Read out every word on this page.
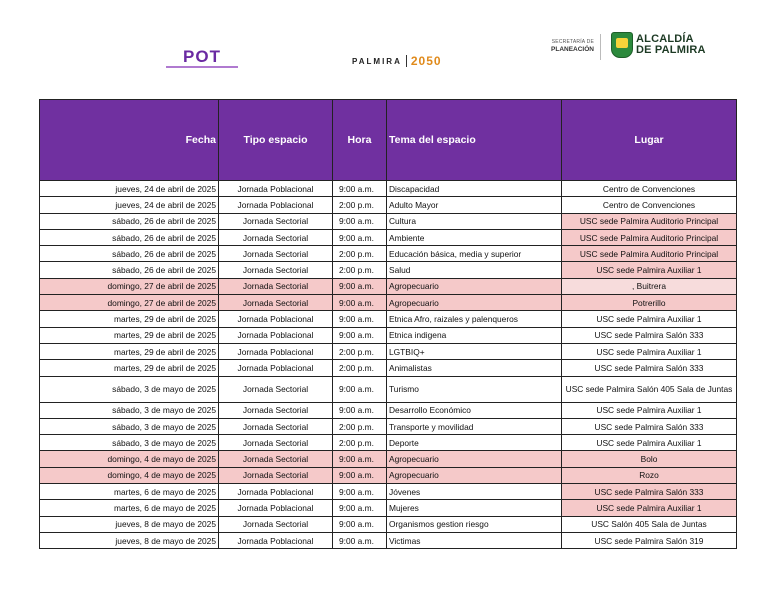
POT	PALMIRA 2050
SECRETARÍA DE
PLANEACIÓN
ALCALDÍA
DE PALMIRA
Fecha	Tipo espacio	Hora	Tema del espacio	Lugar
jueves, 24 de abril de 2025	Jornada Poblacional	9:00 a.m.	Discapacidad	Centro de Convenciones
jueves, 24 de abril de 2025	Jornada Poblacional	2:00 p.m.	Adulto Mayor	Centro de Convenciones
sábado, 26 de abril de 2025	Jornada Sectorial	9:00 a.m.	Cultura	USC sede Palmira Auditorio Principal
sábado, 26 de abril de 2025	Jornada Sectorial	9:00 a.m.	Ambiente	USC sede Palmira Auditorio Principal
sábado, 26 de abril de 2025	Jornada Sectorial	2:00 p.m.	Educación básica, media y superior	USC sede Palmira Auditorio Principal
sábado, 26 de abril de 2025	Jornada Sectorial	2:00 p.m.	Salud	USC sede Palmira Auxiliar 1
domingo, 27 de abril de 2025	Jornada Sectorial	9:00 a.m.	Agropecuario	, Buitrera
domingo, 27 de abril de 2025	Jornada Sectorial	9:00 a.m.	Agropecuario	Potrerillo
martes, 29 de abril de 2025	Jornada Poblacional	9:00 a.m.	Etnica Afro, raizales y palenqueros	USC sede Palmira Auxiliar 1
martes, 29 de abril de 2025	Jornada Poblacional	9:00 a.m.	Etnica indigena	USC sede Palmira Salón 333
martes, 29 de abril de 2025	Jornada Poblacional	2:00 p.m.	LGTBIQ+	USC sede Palmira Auxiliar 1
martes, 29 de abril de 2025	Jornada Poblacional	2:00 p.m.	Animalistas	USC sede Palmira Salón 333
sábado, 3 de mayo de 2025	Jornada Sectorial	9:00 a.m.	Turismo	USC sede Palmira Salón 405 Sala de Juntas
sábado, 3 de mayo de 2025	Jornada Sectorial	9:00 a.m.	Desarrollo Económico	USC sede Palmira Auxiliar 1
sábado, 3 de mayo de 2025	Jornada Sectorial	2:00 p.m.	Transporte y movilidad	USC sede Palmira Salón 333
sábado, 3 de mayo de 2025	Jornada Sectorial	2:00 p.m.	Deporte	USC sede Palmira Auxiliar 1
domingo, 4 de mayo de 2025	Jornada Sectorial	9:00 a.m.	Agropecuario	Bolo
domingo, 4 de mayo de 2025	Jornada Sectorial	9:00 a.m.	Agropecuario	Rozo
martes, 6 de mayo de 2025	Jornada Poblacional	9:00 a.m.	Jóvenes	USC sede Palmira Salón 333
martes, 6 de mayo de 2025	Jornada Poblacional	9:00 a.m.	Mujeres	USC sede Palmira Auxiliar 1
jueves, 8 de mayo de 2025	Jornada Sectorial	9:00 a.m.	Organismos gestion riesgo	USC Salón 405 Sala de Juntas
jueves, 8 de mayo de 2025	Jornada Poblacional	9:00 a.m.	Victimas	USC sede Palmira Salón 319
